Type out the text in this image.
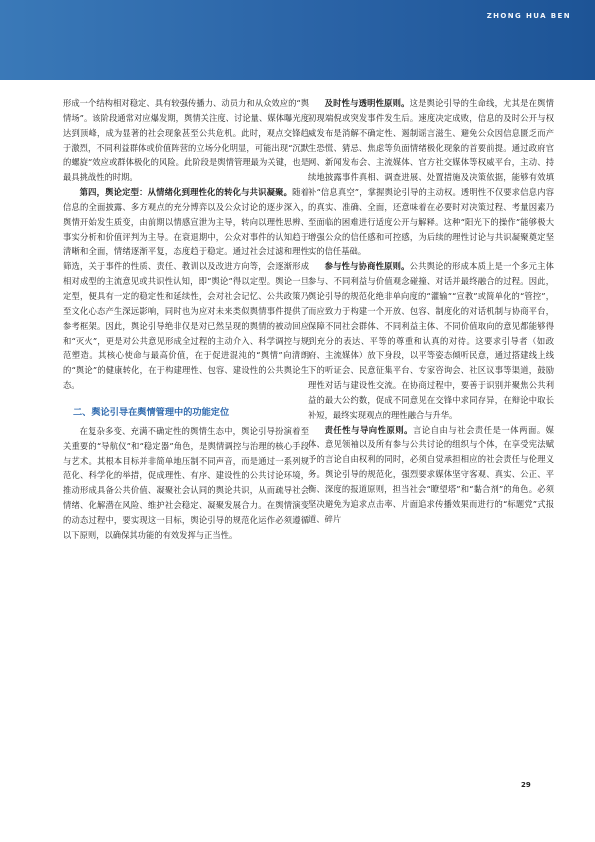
ZHONG HUA BEN

形成一个结构相对稳定、具有较强传播力、动员力和从众效应的“舆情场”。该阶段通常对应爆发期，舆情关注度、讨论量、媒体曝光度达到顶峰，成为显著的社会现象甚至公共危机。此时，观点交锋趋于激烈，不同利益群体或价值阵营的立场分化明显，可能出现“沉默的螺旋”效应或群体极化的风险。此阶段是舆情管理最为关键，也是最具挑战性的时期。

第四，舆论定型：从情绪化到理性化的转化与共识凝聚。随着信息的全面披露、多方观点的充分博弈以及公众讨论的逐步深入，舆情开始发生质变，由前期以情感宣泄为主导，转向以理性思辨、事实分析和价值评判为主导。在衰退期中，公众对事件的认知趋于清晰和全面，情绪逐渐平复，态度趋于稳定。通过社会过滤和理性筛选，关于事件的性质、责任、教训以及改进方向等，会逐渐形成相对成型的主流意见或共识性认知，即“舆论”得以定型。舆论一旦定型，便具有一定的稳定性和延续性，会对社会记忆、公共政策乃至文化心态产生深远影响，同时也为应对未来类似舆情事件提供了参考框架。因此，舆论引导绝非仅是对已然呈现的舆情的被动回应和“灭火”，更是对公共意见形成全过程的主动介入、科学调控与规范塑造。其核心使命与最高价值，在于促进混沌的“舆情”向清朗的“舆论”的健康转化，在于构建理性、包容、建设性的公共舆论生态。

二、舆论引导在舆情管理中的功能定位

在复杂多变、充满不确定性的舆情生态中，舆论引导扮演着至关重要的“导航仪”和“稳定器”角色，是舆情调控与治理的核心手段与艺术。其根本目标并非简单地压制不同声音，而是通过一系列规范化、科学化的举措，促成理性、有序、建设性的公共讨论环境，推动形成具备公共价值、凝聚社会认同的舆论共识，从而疏导社会情绪、化解潜在风险、维护社会稳定、凝聚发展合力。在舆情演变的动态过程中，要实现这一目标，舆论引导的规范化运作必须遵循以下原则，以确保其功能的有效发挥与正当性。

及时性与透明性原则。这是舆论引导的生命线，尤其是在舆情初现端倪或突发事件发生后。速度决定成败，信息的及时公开与权威发布是消解不确定性、遏制谣言滋生、避免公众因信息匮乏而产生恐慌、猜忌、焦虑等负面情绪极化现象的首要前提。通过政府官网、新闻发布会、主流媒体、官方社交媒体等权威平台，主动、持续地披露事件真相、调查进展、处置措施及决策依据，能够有效填补“信息真空”，掌握舆论引导的主动权。透明性不仅要求信息内容的真实、准确、全面，还意味着在必要时对决策过程、考量因素乃至面临的困难进行适度公开与解释。这种“阳光下的操作”能够极大增强公众的信任感和可控感，为后续的理性讨论与共识凝聚奠定坚实的信任基础。

参与性与协商性原则。公共舆论的形成本质上是一个多元主体参与、不同利益与价值观念碰撞、对话并最终融合的过程。因此，舆论引导的规范化绝非单向度的“灌输”“宣教”或简单化的“管控”，而应致力于构建一个开放、包容、制度化的对话机制与协商平台，保障不同社会群体、不同利益主体、不同价值取向的意见都能够得到充分的表达、平等的尊重和认真的对待。这要求引导者（如政府、主流媒体）放下身段，以平等姿态倾听民意，通过搭建线上线下的听证会、民意征集平台、专家咨询会、社区议事等渠道，鼓励理性对话与建设性交流。在协商过程中，要善于识别并聚焦公共利益的最大公约数，促成不同意见在交锋中求同存异，在辩论中取长补短，最终实现观点的理性融合与升华。

责任性与导向性原则。言论自由与社会责任是一体两面。媒体、意见领袖以及所有参与公共讨论的组织与个体，在享受宪法赋予的言论自由权利的同时，必须自觉承担相应的社会责任与伦理义务。舆论引导的规范化，强烈要求媒体坚守客观、真实、公正、平衡、深度的报道原则，担当社会“瞭望塔”和“黏合剂”的角色。必须坚决避免为追求点击率、片面追求传播效果而进行的“标题党”式报道、碎片

29
